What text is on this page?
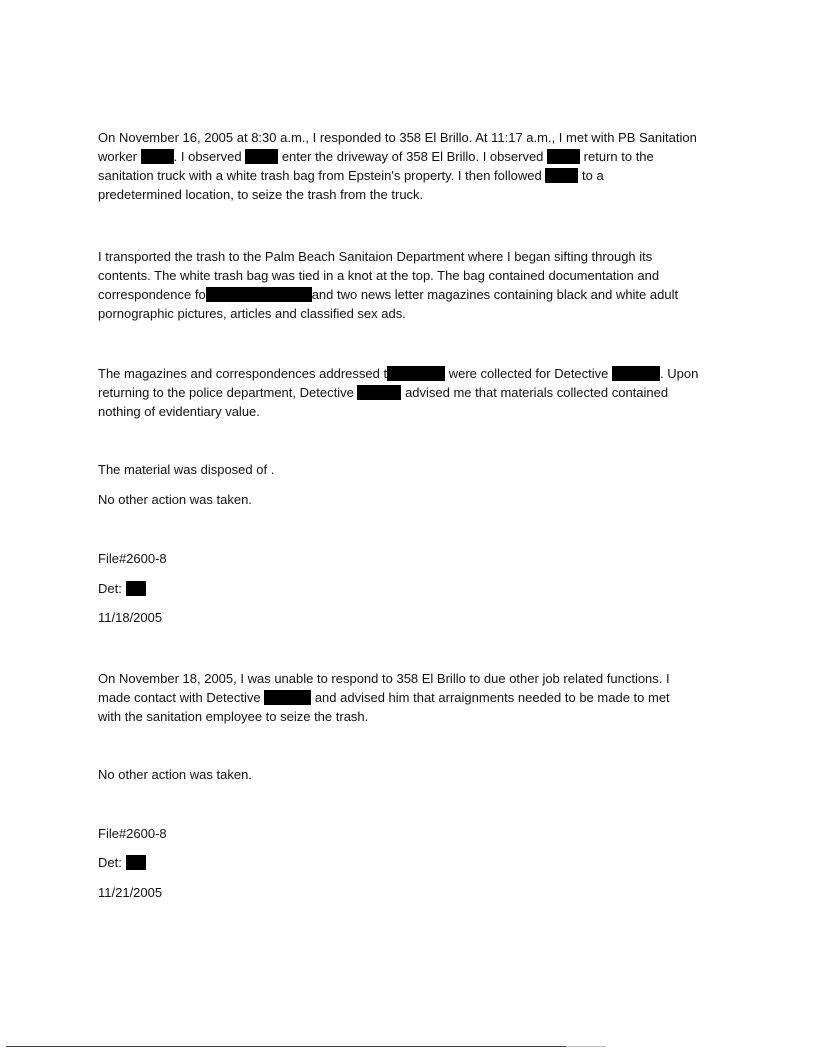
On November 16, 2005 at 8:30 a.m., I responded to 358 El Brillo. At 11:17 a.m., I met with PB Sanitation
worker	. I observed	enter the driveway of 358 El Brillo. I observed	return to the
sanitation truck with a white trash bag from Epstein's property. I then followed	to a
predetermined location, to seize the trash from the truck.
I transported the trash to the Palm Beach Sanitaion Department where I began sifting through its
contents. The white trash bag was tied in a knot at the top. The bag contained documentation and
correspondence fo	and two news letter magazines containing black and white adult
pornographic pictures, articles and classified sex ads.
The magazines and correspondences addressed t	were collected for Detective	. Upon
returning to the police department, Detective	advised me that materials collected contained
nothing of evidentiary value.
The material was disposed of .
No other action was taken.
File#2600-8
Det:
11/18/2005
On November 18, 2005, I was unable to respond to 358 El Brillo to due other job related functions. I
made contact with Detective	and advised him that arraignments needed to be made to met
with the sanitation employee to seize the trash.
No other action was taken.
File#2600-8
Det:
11/21/2005
